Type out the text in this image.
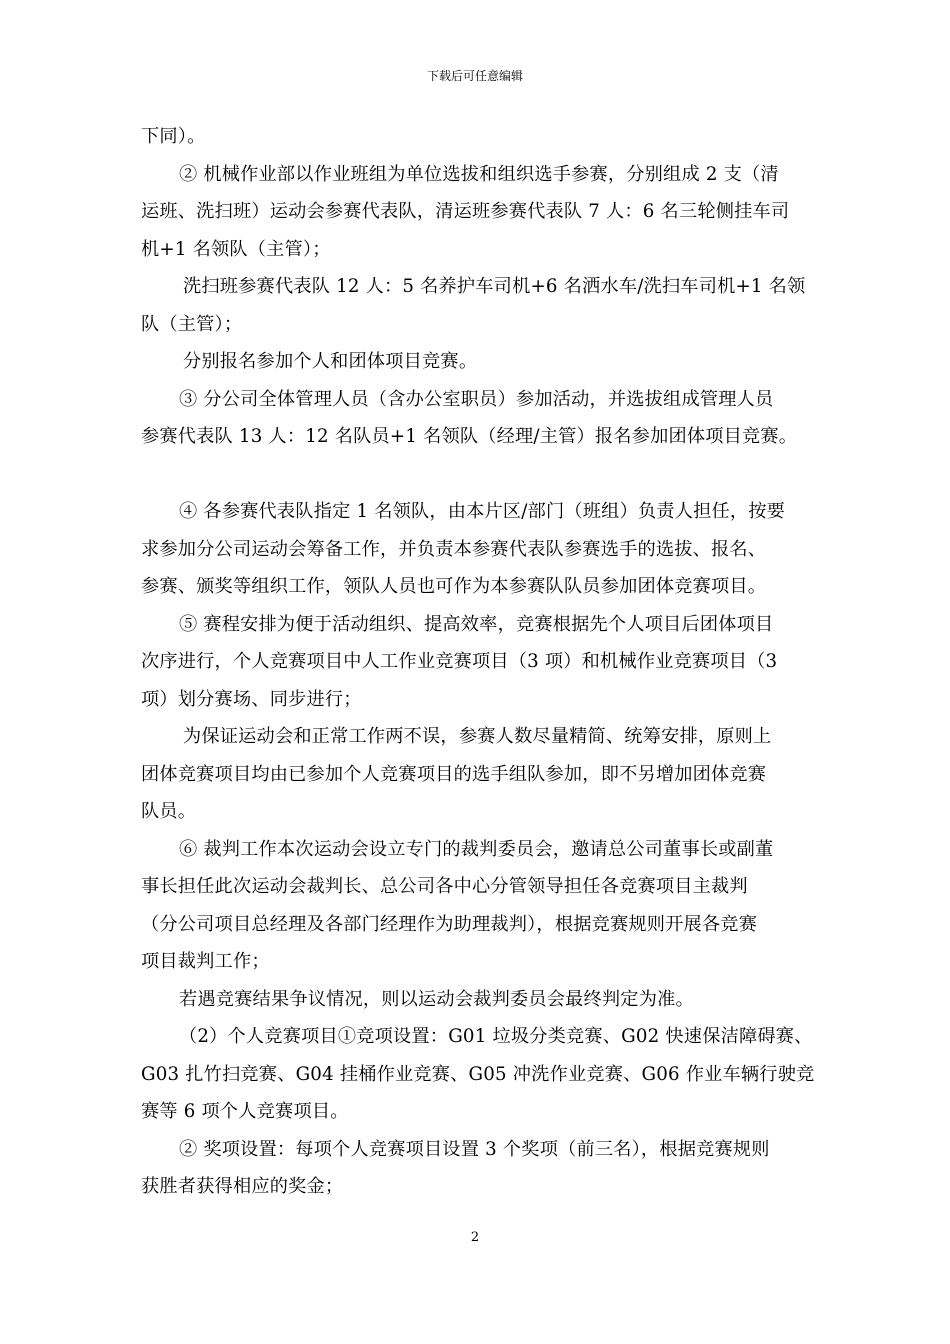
下载后可任意编辑

下同）。

② 机械作业部以作业班组为单位选拔和组织选手参赛，分别组成 2 支（清

运班、洗扫班）运动会参赛代表队，清运班参赛代表队 7 人：6 名三轮侧挂车司

机+1 名领队（主管）；

洗扫班参赛代表队 12 人：5 名养护车司机+6 名洒水车/洗扫车司机+1 名领

队（主管）；

分别报名参加个人和团体项目竞赛。

③ 分公司全体管理人员（含办公室职员）参加活动，并选拔组成管理人员

参赛代表队 13 人：12 名队员+1 名领队（经理/主管）报名参加团体项目竞赛。

④ 各参赛代表队指定 1 名领队，由本片区/部门（班组）负责人担任，按要

求参加分公司运动会筹备工作，并负责本参赛代表队参赛选手的选拔、报名、

参赛、颁奖等组织工作，领队人员也可作为本参赛队队员参加团体竞赛项目。

⑤ 赛程安排为便于活动组织、提高效率，竞赛根据先个人项目后团体项目

次序进行，个人竞赛项目中人工作业竞赛项目（3 项）和机械作业竞赛项目（3

项）划分赛场、同步进行；

为保证运动会和正常工作两不误，参赛人数尽量精简、统筹安排，原则上

团体竞赛项目均由已参加个人竞赛项目的选手组队参加，即不另增加团体竞赛

队员。

⑥ 裁判工作本次运动会设立专门的裁判委员会，邀请总公司董事长或副董

事长担任此次运动会裁判长、总公司各中心分管领导担任各竞赛项目主裁判

（分公司项目总经理及各部门经理作为助理裁判），根据竞赛规则开展各竞赛

项目裁判工作；

若遇竞赛结果争议情况，则以运动会裁判委员会最终判定为准。

（2）个人竞赛项目①竞项设置：G01 垃圾分类竞赛、G02 快速保洁障碍赛、

G03 扎竹扫竞赛、G04 挂桶作业竞赛、G05 冲洗作业竞赛、G06 作业车辆行驶竞

赛等 6 项个人竞赛项目。

② 奖项设置：每项个人竞赛项目设置 3 个奖项（前三名），根据竞赛规则

获胜者获得相应的奖金；

2
